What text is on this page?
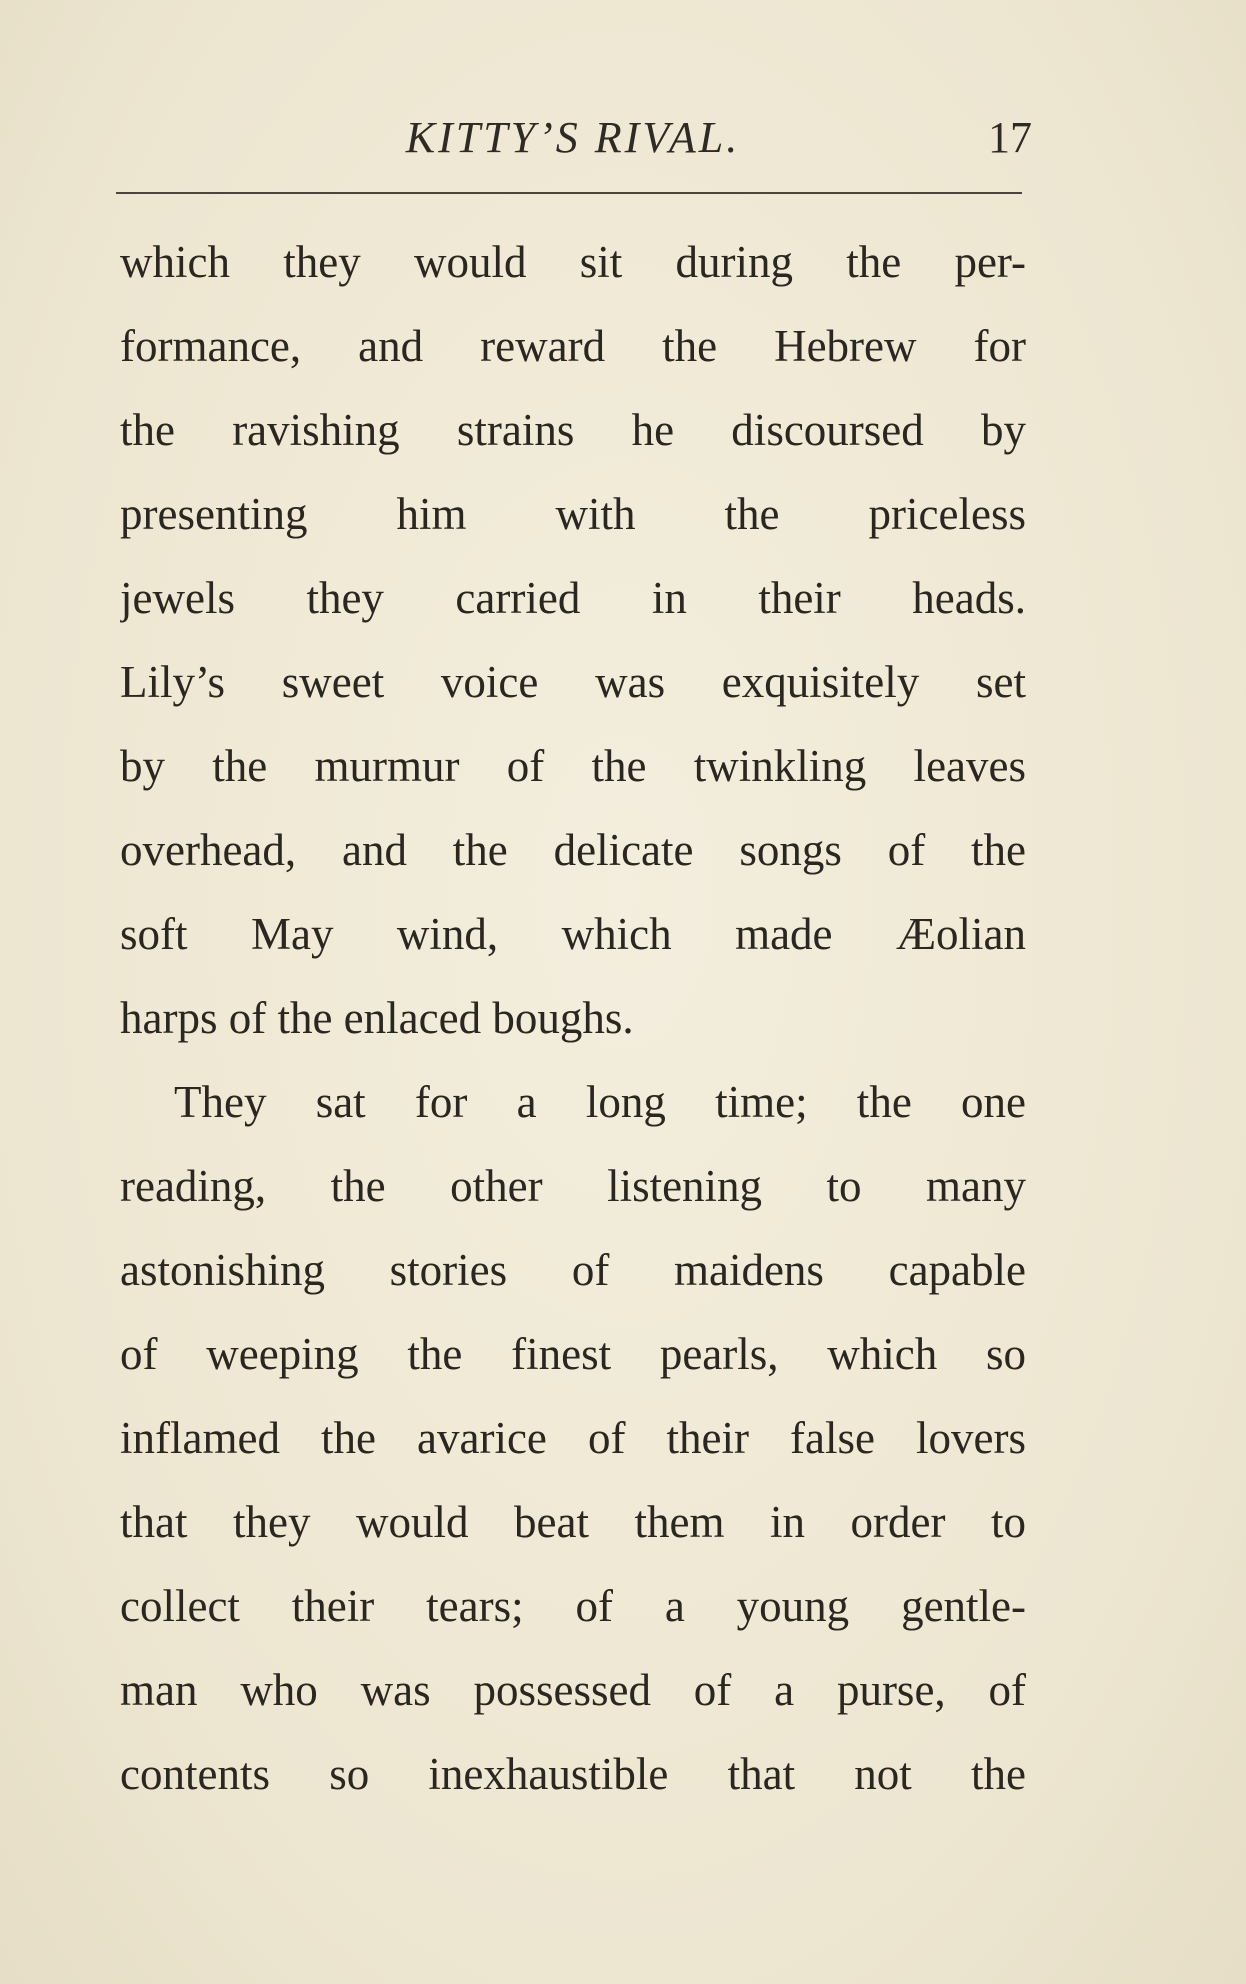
KITTY’S RIVAL.	17
which they would sit during the per-
formance, and reward the Hebrew for
the ravishing strains he discoursed by
presenting him with the priceless
jewels they carried in their heads.
Lily’s sweet voice was exquisitely set
by the murmur of the twinkling leaves
overhead, and the delicate songs of the
soft May wind, which made Æolian
harps of the enlaced boughs.
They sat for a long time; the one
reading, the other listening to many
astonishing stories of maidens capable
of weeping the finest pearls, which so
inflamed the avarice of their false lovers
that they would beat them in order to
collect their tears; of a young gentle-
man who was possessed of a purse, of
contents so inexhaustible that not the
